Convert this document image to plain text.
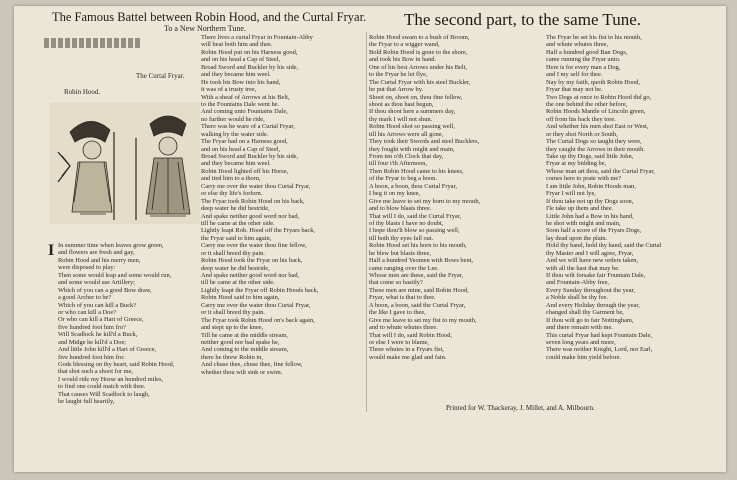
The Famous Battel between Robin Hood, and the Curtal Fryar.
To a New Northern Tune.	The second part, to the same Tune.
The Curtal Fryar.
Robin Hood.
I In summer time when leaves grow green,
and flowers are fresh and gay,
Robin Hood and his merry men,
were disposed to play:
Then some would leap and some would run,
and some would use Artillery;
Which of you can a good Bow draw,
a good Archer to be?
Which of you can kill a Buck?
or who can kill a Doe?
Or who can kill a Hart of Greece,
five hundred foot him fro?
Will Scadlock he kill'd a Buck,
and Midge he kill'd a Doe;
And little John kill'd a Hart of Greece,
five hundred foot him fro:
Gods blessing on thy heart, said Robin Hood,
that shot such a shoot for me,
I would ride my Horse an hundred miles,
to find one could match with thee.
That causes Will Scadlock to laugh,
he laught full heartily,
There lives a curtal Fryar in Fountain-Abby
will beat both him and thee.
Robin Hood put on his Harness good,
and on his head a Cap of Steel,
Broad Sword and Buckler by his side,
and they became him weel.
He took his Bow into his hand,
it was of a trusty tree,
With a sheaf of Arrows at his Belt,
to the Fountains Dale went he.
And coming unto Fountains Dale,
no further would he ride,
There was he ware of a Curtal Fryar,
walking by the water side.
The Fryar had on a Harness good,
and on his head a Cap of Steel,
Broad Sword and Buckler by his side,
and they became him weel.
Robin Hood lighted off his Horse,
and tied him to a thorn,
Carry me over the water thou Curtal Fryar,
or else thy life's forlorn.
The Fryar took Robin Hood on his back,
deep water he did bestride,
And spake neither good word nor bad,
till he came at the other side.
Lightly leapt Rob. Hood off the Fryars back,
the Fryar said to him again,
Carry me over the water thou fine fellow,
or it shall breed thy pain.
Robin Hood took the Fryar on his back,
deep water he did bestride,
And spake neither good word nor bad,
till he came at the other side.
Lightly leapt the Fryar off Robin Hoods back,
Robin Hood said to him again,
Carry me over the water thou Curtal Fryar,
or it shall breed thy pain.
The Fryar took Robin Hood on's back again,
and stept up to the knee,
Till he came at the middle stream,
neither good nor bad spake he,
And coming to the middle stream,
there he threw Robin in,
And chuse thee, chuse thee, fine fellow,
whether thou wilt sink or swim.
Robin Hood swam to a bush of Broom,
the Fryar to a wigger wand,
Bold Robin Hood is gone to the shore,
and took his Bow in hand.
One of his best Arrows under his Belt,
to the Fryar he let flye,
The Curtal Fryar with his steel Buckler,
he put that Arrow by.
Shoot on, shoot on, thou fine fellow,
shoot as thou hast begun,
If thou shoot here a summers day,
thy mark I will not shun.
Robin Hood shot so passing well,
till his Arrows were all gone,
They took their Swords and steel Bucklers,
they fought with might and main,
From ten o'th Clock that day,
till four i'th Afternoon,
Then Robin Hood came to his knees,
of the Fryar to beg a boon.
A boon, a boon, thou Curtal Fryar,
I beg it on my knee,
Give me leave to set my horn to my mouth,
and to blow blasts three.
That will I do, said the Curtal Fryar,
of thy blasts I have no doubt,
I hope thou'lt blow so passing well,
till both thy eyes fall out.
Robin Hood set his horn to his mouth,
he blew but blasts three,
Half a hundred Yeomen with Bows bent,
came ranging over the Lee.
Whose men are these, said the Fryar,
that come so hastily?
These men are mine, said Robin Hood,
Fryar, what is that to thee.
A boon, a boon, said the Curtal Fryar,
the like I gave to thee,
Give me leave to set my fist to my mouth,
and to whute whutes three.
That will I do, said Robin Hood,
or else I were to blame,
Three whutes in a Fryars fist,
would make me glad and fain.
The Fryar he set his fist to his mouth,
and whute whutes three,
Half a hundred good Ban Dogs,
came running the Fryar unto.
Here is for every man a Dog,
and I my self for thee.
Nay by my faith, quoth Robin Hood,
Fryar that may not be.
Two Dogs at once to Robin Hood did go,
the one behind the other before,
Robin Hoods Mantle of Lincoln green,
off from his back they tore.
And whether his men shot East or West,
or they shot North or South,
The Curtal Dogs so taught they were,
they caught the Arrows in their mouth.
Take up thy Dogs, said little John,
Fryar at my bidding be,
Whose man art thou, said the Curtal Fryar,
comes here to prate with me?
I am little John, Robin Hoods man,
Fryar I will not lye,
If thou take not up thy Dogs soon,
I'le take up them and thee.
Little John had a Bow in his hand,
he shot with might and main,
Soon half a score of the Fryars Dogs,
lay dead upon the plain.
Hold thy hand, hold thy hand, said the Curtal
thy Master and I will agree, Fryar,
And we will have new orders taken,
with all the hast that may be.
If thou wilt forsake fair Fountain Dale,
and Fountain-Abby free,
Every Sunday throughout the year,
a Noble shall be thy fee.
And every Holiday through the year,
changed shall thy Garment be,
If thou wilt go to fair Nottingham,
and there remain with me.
This curtal Fryar had kept Fountain Dale,
seven long years and more,
There was neither Knight, Lord, nor Earl,
could make him yield before.
Printed for W. Thackeray, J. Millet, and A. Milbourn.
